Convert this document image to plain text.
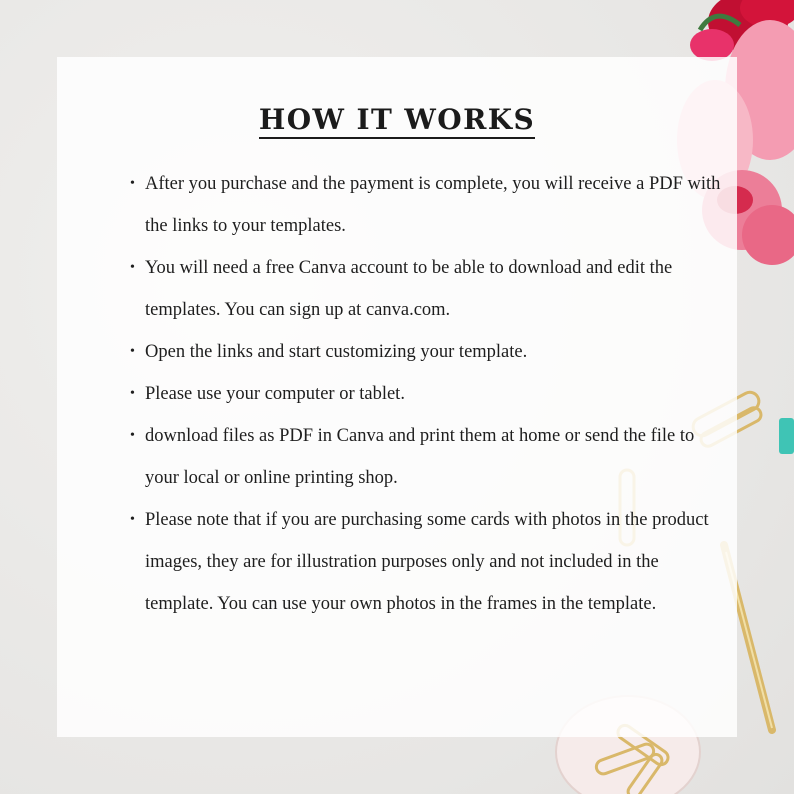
HOW IT WORKS
• After you purchase and the payment is complete, you will receive a PDF with the links to your templates.
• You will need a free Canva account to be able to download and edit the templates. You can sign up at canva.com.
• Open the links and start customizing your template.
• Please use your computer or tablet.
• download files as PDF in Canva and print them at home or send the file to your local or online printing shop.
• Please note that if you are purchasing some cards with photos in the product images, they are for illustration purposes only and not included in the template. You can use your own photos in the frames in the template.
